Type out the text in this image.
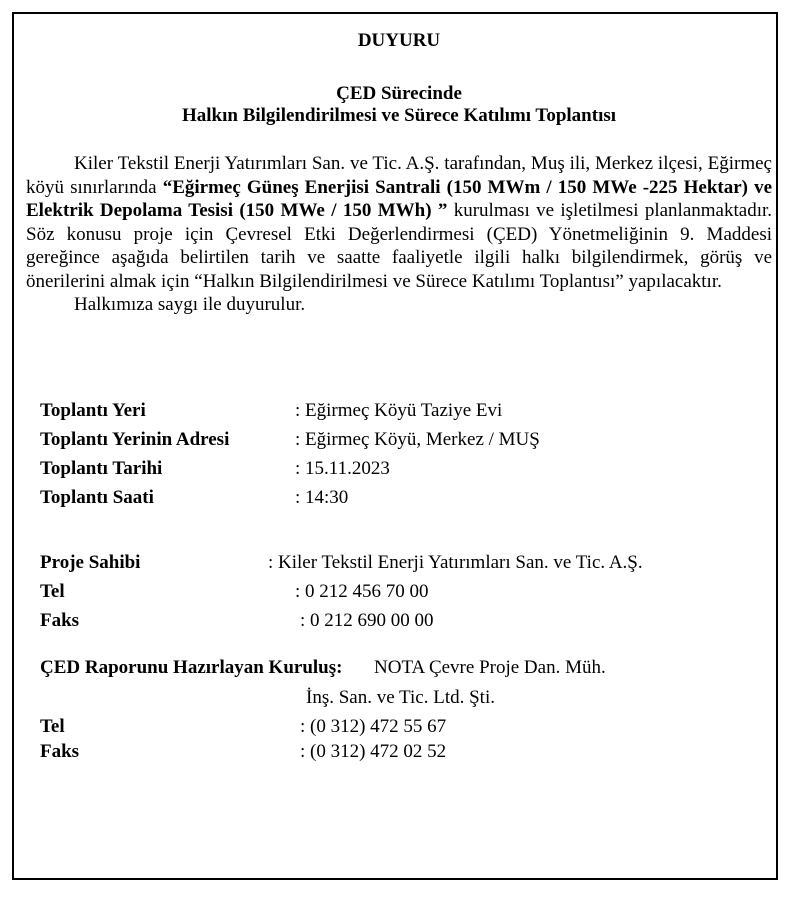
DUYURU
ÇED Sürecinde
Halkın Bilgilendirilmesi ve Sürece Katılımı Toplantısı

Kiler Tekstil Enerji Yatırımları San. ve Tic. A.Ş. tarafından, Muş ili, Merkez ilçesi, Eğirmeç köyü sınırlarında “Eğirmeç Güneş Enerjisi Santrali (150 MWm / 150 MWe -225 Hektar) ve Elektrik Depolama Tesisi (150 MWe / 150 MWh) ” kurulması ve işletilmesi planlanmaktadır. Söz konusu proje için Çevresel Etki Değerlendirmesi (ÇED) Yönetmeliğinin 9. Maddesi gereğince aşağıda belirtilen tarih ve saatte faaliyetle ilgili halkı bilgilendirmek, görüş ve önerilerini almak için “Halkın Bilgilendirilmesi ve Sürece Katılımı Toplantısı” yapılacaktır.

Halkımıza saygı ile duyurulur.

Toplantı Yeri	: Eğirmeç Köyü Taziye Evi
Toplantı Yerinin Adresi	: Eğirmeç Köyü, Merkez / MUŞ
Toplantı Tarihi	: 15.11.2023
Toplantı Saati	: 14:30
Proje Sahibi	: Kiler Tekstil Enerji Yatırımları San. ve Tic. A.Ş.
Tel	: 0 212 456 70 00
Faks	: 0 212 690 00 00
ÇED Raporunu Hazırlayan Kuruluş: NOTA Çevre Proje Dan. Müh.
İnş. San. ve Tic. Ltd. Şti.
Tel	: (0 312) 472 55 67
Faks	: (0 312) 472 02 52
